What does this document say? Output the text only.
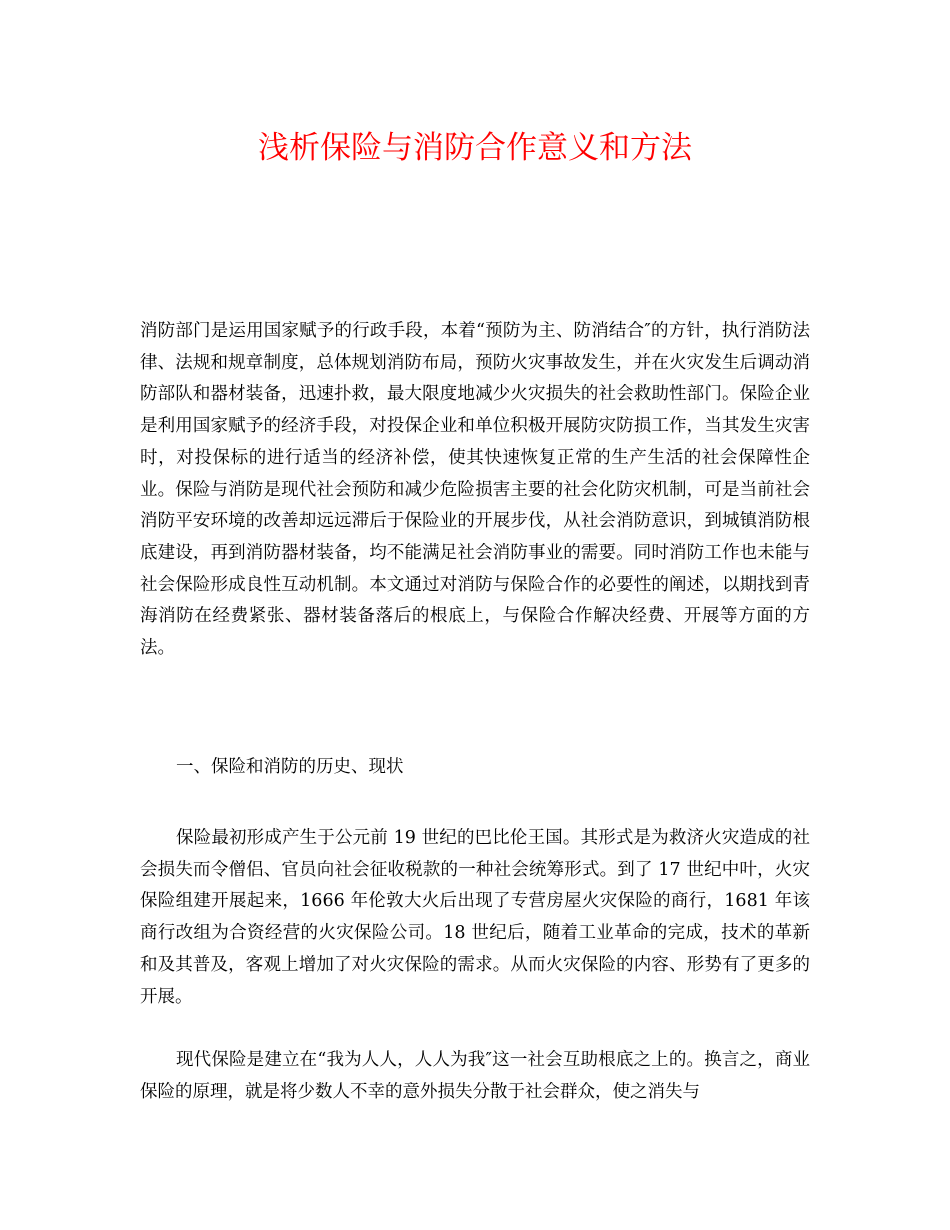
浅析保险与消防合作意义和方法

消防部门是运用国家赋予的行政手段，本着“预防为主、防消结合″的方针，执行消防法律、法规和规章制度，总体规划消防布局，预防火灾事故发生，并在火灾发生后调动消防部队和器材装备，迅速扑救，最大限度地减少火灾损失的社会救助性部门。保险企业是利用国家赋予的经济手段，对投保企业和单位积极开展防灾防损工作，当其发生灾害时，对投保标的进行适当的经济补偿，使其快速恢复正常的生产生活的社会保障性企业。保险与消防是现代社会预防和减少危险损害主要的社会化防灾机制，可是当前社会消防平安环境的改善却远远滞后于保险业的开展步伐，从社会消防意识，到城镇消防根底建设，再到消防器材装备，均不能满足社会消防事业的需要。同时消防工作也未能与社会保险形成良性互动机制。本文通过对消防与保险合作的必要性的阐述，以期找到青海消防在经费紧张、器材装备落后的根底上，与保险合作解决经费、开展等方面的方法。

一、保险和消防的历史、现状

保险最初形成产生于公元前 19 世纪的巴比伦王国。其形式是为救济火灾造成的社会损失而令僧侣、官员向社会征收税款的一种社会统筹形式。到了 17 世纪中叶，火灾保险组建开展起来，1666 年伦敦大火后出现了专营房屋火灾保险的商行，1681 年该商行改组为合资经营的火灾保险公司。18 世纪后，随着工业革命的完成，技术的革新和及其普及，客观上增加了对火灾保险的需求。从而火灾保险的内容、形势有了更多的开展。

现代保险是建立在“我为人人，人人为我″这一社会互助根底之上的。换言之，商业保险的原理，就是将少数人不幸的意外损失分散于社会群众，使之消失与
